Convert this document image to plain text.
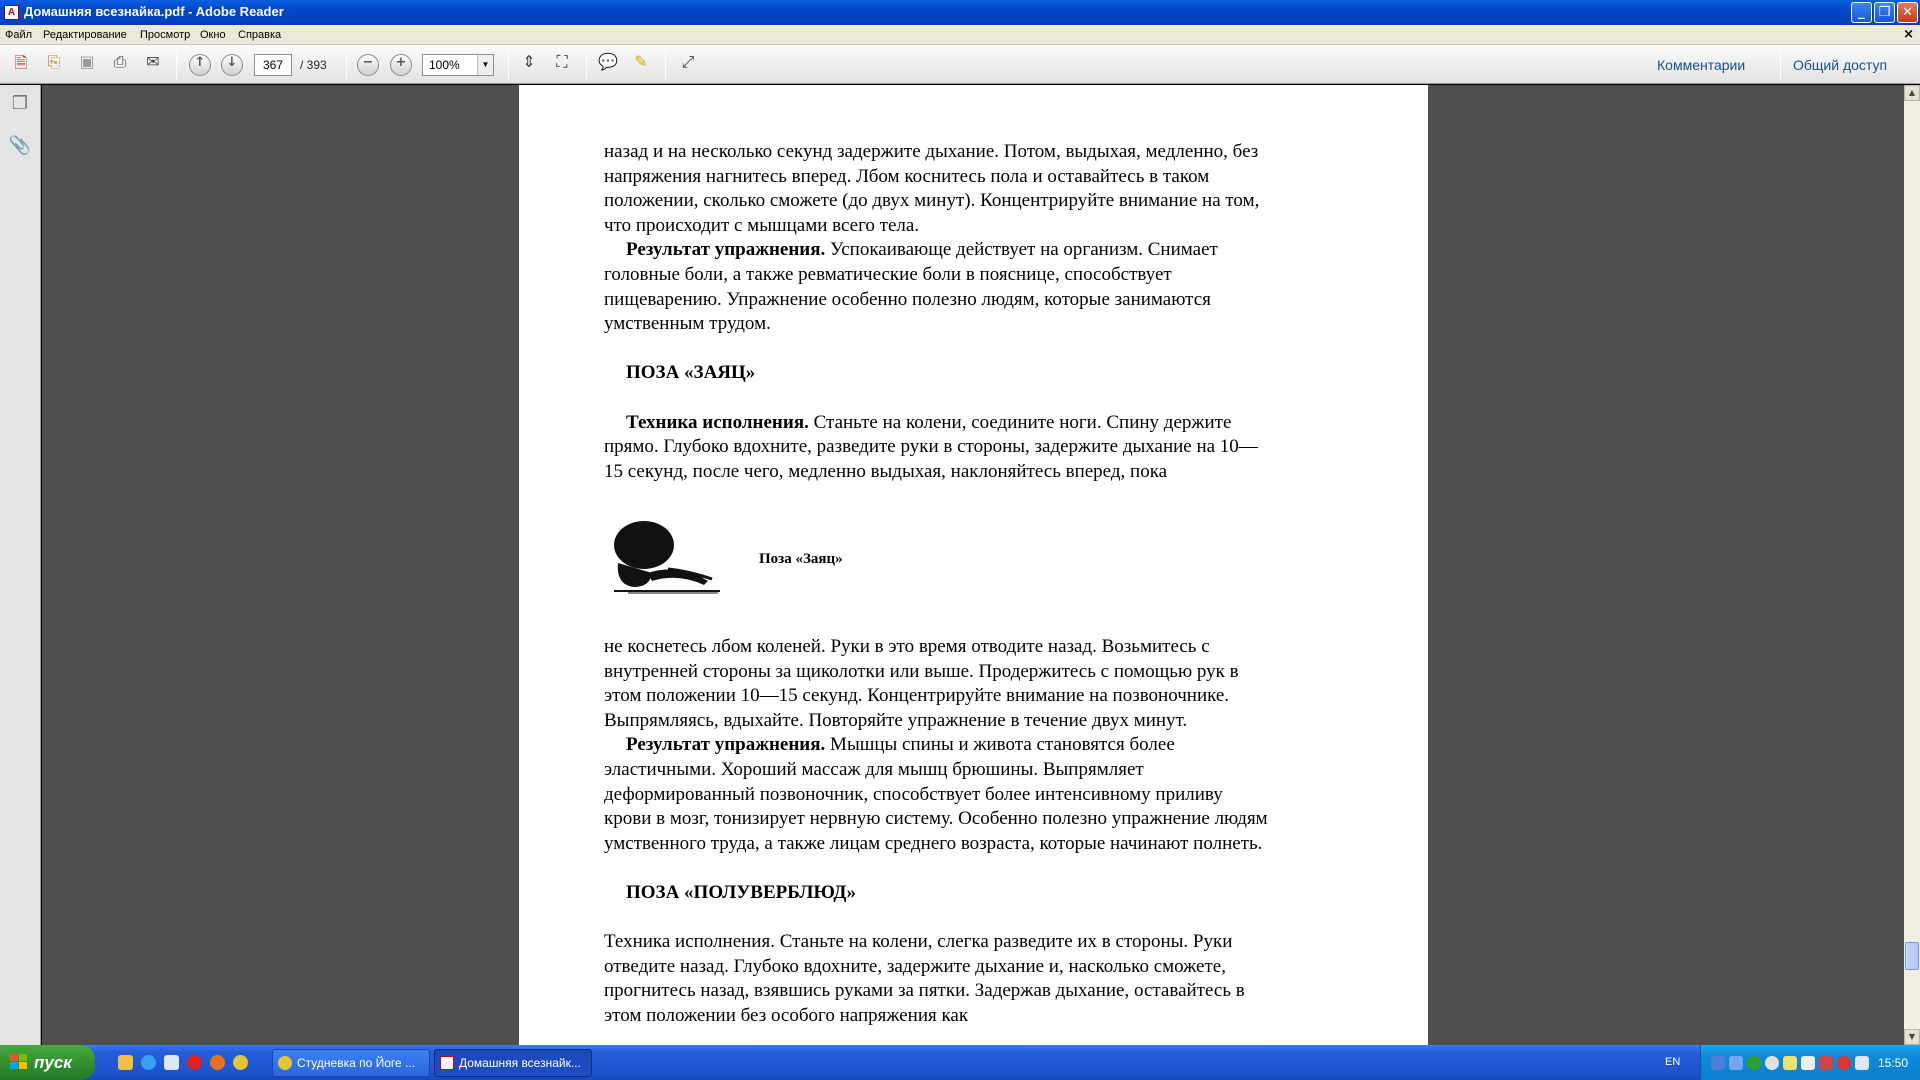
A Домашняя всезнайка.pdf - Adobe Reader	_	❐ ✕
Файл Редактирование Просмотр Окно Справка	×
🗎	⎘	▣	⎙	✉	↑	↓	367	/ 393	−	+	100%	▼	⇕	⛶	💬	✎	⤢	Комментарии	Общий доступ
❐
📎	назад и на несколько секунд задержите дыхание. Потом, выдыхая, медленно, без
напряжения нагнитесь вперед. Лбом коснитесь пола и оставайтесь в таком
положении, сколько сможете (до двух минут). Концентрируйте внимание на том,
что происходит с мышцами всего тела.
Результат упражнения. Успокаивающе действует на организм. Снимает
головные боли, а также ревматические боли в пояснице, способствует
пищеварению. Упражнение особенно полезно людям, которые занимаются
умственным трудом.
ПОЗА «ЗАЯЦ»
Техника исполнения. Станьте на колени, соедините ноги. Спину держите
прямо. Глубоко вдохните, разведите руки в стороны, задержите дыхание на 10—
15 секунд, после чего, медленно выдыхая, наклоняйтесь вперед, пока
Поза «Заяц»
не коснетесь лбом коленей. Руки в это время отводите назад. Возьмитесь с
внутренней стороны за щиколотки или выше. Продержитесь с помощью рук в
этом положении 10—15 секунд. Концентрируйте внимание на позвоночнике.
Выпрямляясь, вдыхайте. Повторяйте упражнение в течение двух минут.
Результат упражнения. Мышцы спины и живота становятся более
эластичными. Хороший массаж для мышц брюшины. Выпрямляет
деформированный позвоночник, способствует более интенсивному приливу
крови в мозг, тонизирует нервную систему. Особенно полезно упражнение людям
умственного труда, а также лицам среднего возраста, которые начинают полнеть.
ПОЗА «ПОЛУВЕРБЛЮД»
Техника исполнения. Станьте на колени, слегка разведите их в стороны. Руки
отведите назад. Глубоко вдохните, задержите дыхание и, насколько сможете,
прогнитесь назад, взявшись руками за пятки. Задержав дыхание, оставайтесь в
этом положении без особого напряжения как
▲
▼
пуск	Студневка по Йоге ...	Домашняя всезнайк...	EN	15:50
